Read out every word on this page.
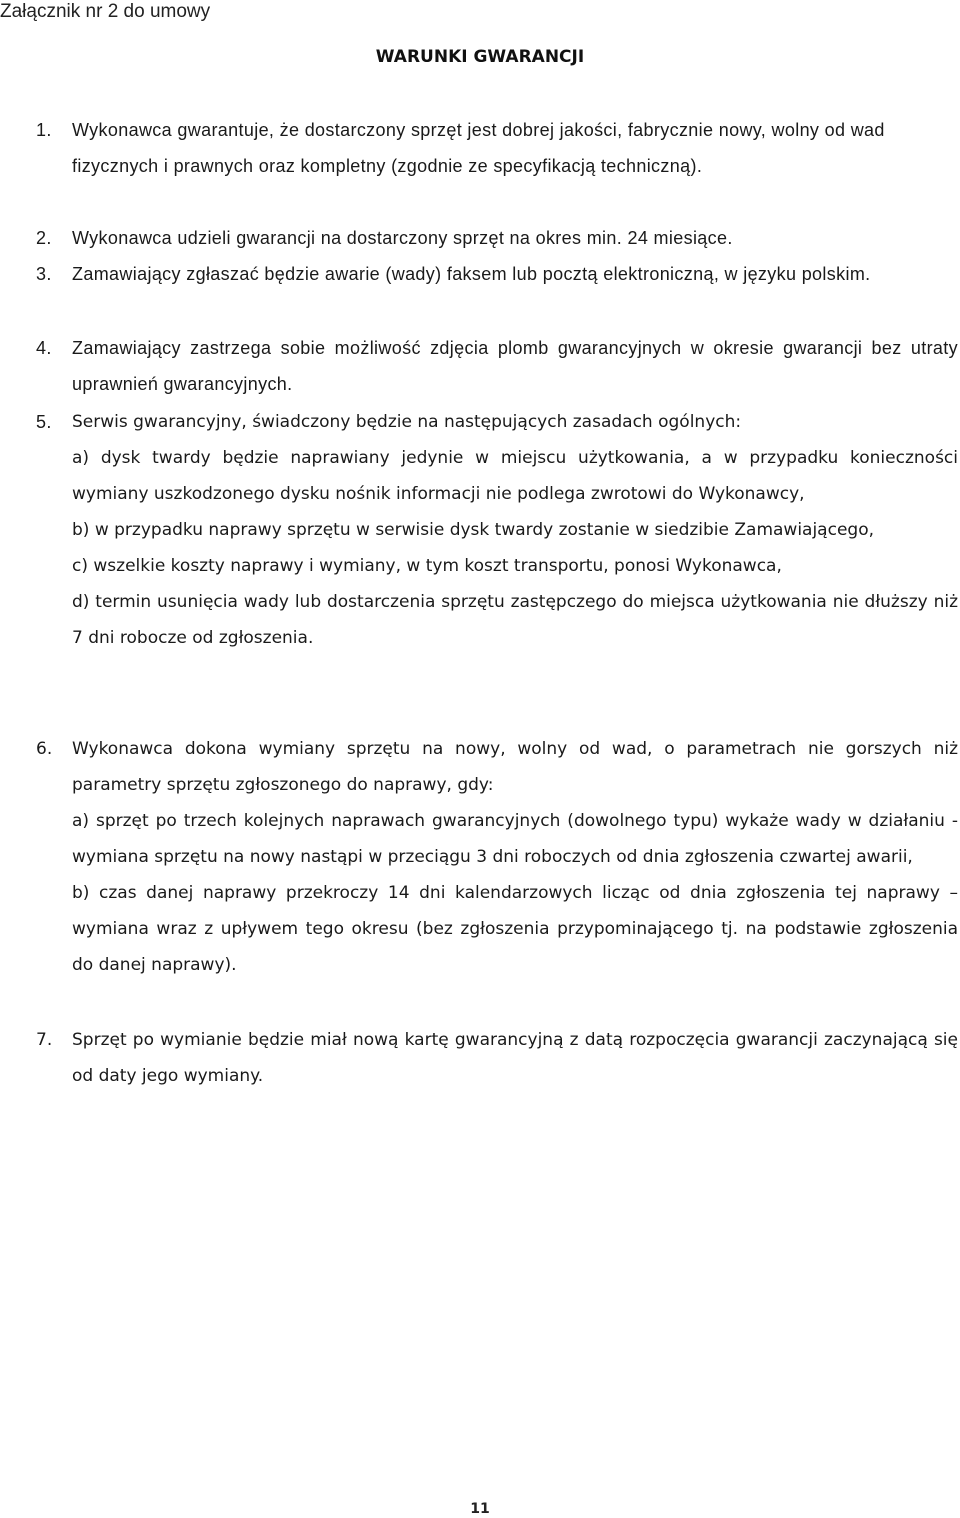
Załącznik nr 2 do umowy
WARUNKI GWARANCJI
1. Wykonawca gwarantuje, że dostarczony sprzęt jest dobrej jakości, fabrycznie nowy, wolny od wad fizycznych i prawnych oraz kompletny (zgodnie ze specyfikacją techniczną).
2. Wykonawca udzieli gwarancji na dostarczony sprzęt na okres min. 24 miesiące.
3. Zamawiający zgłaszać będzie awarie (wady) faksem lub pocztą elektroniczną, w języku polskim.
4. Zamawiający zastrzega sobie możliwość zdjęcia plomb gwarancyjnych w okresie gwarancji bez utraty uprawnień gwarancyjnych.
5. Serwis gwarancyjny, świadczony będzie na następujących zasadach ogólnych:
a) dysk twardy będzie naprawiany jedynie w miejscu użytkowania, a w przypadku konieczności wymiany uszkodzonego dysku nośnik informacji nie podlega zwrotowi do Wykonawcy,
b) w przypadku naprawy sprzętu w serwisie dysk twardy zostanie w siedzibie Zamawiającego,
c) wszelkie koszty naprawy i wymiany, w tym koszt transportu, ponosi Wykonawca,
d) termin usunięcia wady lub dostarczenia sprzętu zastępczego do miejsca użytkowania nie dłuższy niż 7 dni robocze od zgłoszenia.
6. Wykonawca dokona wymiany sprzętu na nowy, wolny od wad, o parametrach nie gorszych niż parametry sprzętu zgłoszonego do naprawy, gdy:
a) sprzęt po trzech kolejnych naprawach gwarancyjnych (dowolnego typu) wykaże wady w działaniu - wymiana sprzętu na nowy nastąpi w przeciągu 3 dni roboczych od dnia zgłoszenia czwartej awarii,
b) czas danej naprawy przekroczy 14 dni kalendarzowych licząc od dnia zgłoszenia tej naprawy – wymiana wraz z upływem tego okresu (bez zgłoszenia przypominającego tj. na podstawie zgłoszenia do danej naprawy).
7. Sprzęt po wymianie będzie miał nową kartę gwarancyjną z datą rozpoczęcia gwarancji zaczynającą się od daty jego wymiany.
11
